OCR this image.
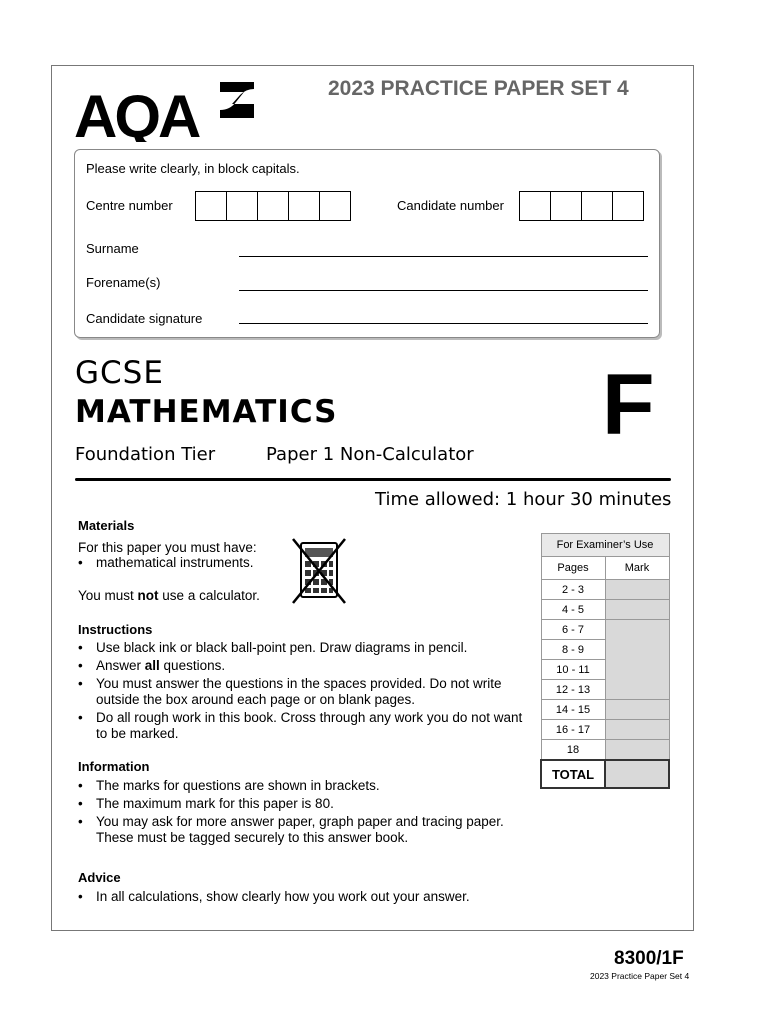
AQA	2023 PRACTICE PAPER SET 4
Please write clearly, in block capitals.
Centre number	Candidate number
Surname
Forename(s)
Candidate signature
GCSE
MATHEMATICS
Foundation Tier	Paper 1 Non-Calculator
F
Time allowed: 1 hour 30 minutes
Materials
For this paper you must have:
• mathematical instruments.
You must not use a calculator.
Instructions
• Use black ink or black ball-point pen. Draw diagrams in pencil.
• Answer all questions.
• You must answer the questions in the spaces provided. Do not write outside the box around each page or on blank pages.
• Do all rough work in this book. Cross through any work you do not want to be marked.
Information
• The marks for questions are shown in brackets.
• The maximum mark for this paper is 80.
• You may ask for more answer paper, graph paper and tracing paper. These must be tagged securely to this answer book.
Advice
• In all calculations, show clearly how you work out your answer.
For Examiner’s Use	
Pages	Mark
2 - 3	
4 - 5	
6 - 7	
8 - 9	
10 - 11	
12 - 13	
14 - 15	
16 - 17	
18	
TOTAL	
8300/1F
2023 Practice Paper Set 4
